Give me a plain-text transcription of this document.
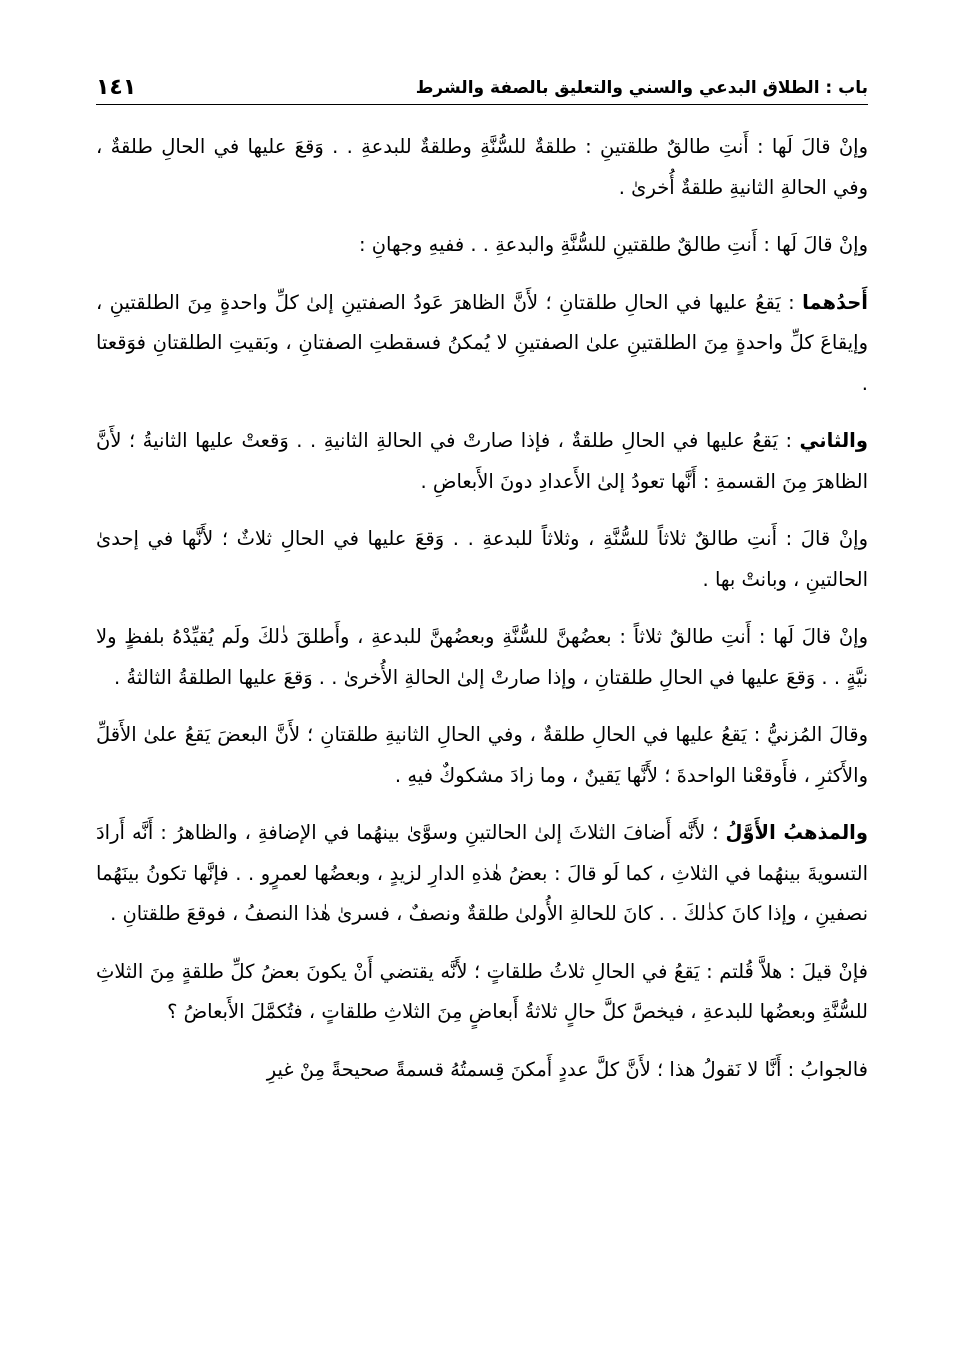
باب : الطلاق البدعي والسني والتعليق بالصفة والشرط
١٤١

وإنْ قالَ لَها : أَنتِ طالقٌ طلقتينِ : طلقةٌ للسُّنَّةِ وطلقةٌ للبدعةِ . . وَقعَ عليها في الحالِ طلقةٌ ، وفي الحالةِ الثانيةِ طلقةٌ أُخرىٰ .

وإنْ قالَ لَها : أَنتِ طالقٌ طلقتينِ للسُّنَّةِ والبدعةِ . . ففيهِ وجهانِ :

أَحدُهما : يَقعُ عليها في الحالِ طلقتانِ ؛ لأَنَّ الظاهرَ عَودُ الصفتينِ إلىٰ كلِّ واحدةٍ مِنَ الطلقتينِ ، وإيقاعَ كلِّ واحدةٍ مِنَ الطلقتينِ علىٰ الصفتينِ لا يُمكنُ فسقطتِ الصفتانِ ، وبَقيتِ الطلقتانِ فوَقعتا .

والثاني : يَقعُ عليها في الحالِ طلقةٌ ، فإذا صارتْ في الحالةِ الثانيةِ . . وَقعتْ عليها الثانيةُ ؛ لأَنَّ الظاهرَ مِنَ القسمةِ : أَنَّها تعودُ إلىٰ الأَعدادِ دونَ الأَبعاضِ .

وإنْ قالَ : أَنتِ طالقٌ ثلاثاً للسُّنَّةِ ، وثلاثاً للبدعةِ . . وَقعَ عليها في الحالِ ثلاثٌ ؛ لأَنَّها في إحدىٰ الحالتينِ ، وبانتْ بها .

وإنْ قالَ لَها : أَنتِ طالقٌ ثلاثاً : بعضُهنَّ للسُّنَّةِ وبعضُهنَّ للبدعةِ ، وأَطلقَ ذٰلكَ ولَم يُقيِّدْهُ بلفظٍ ولا نيَّةٍ . . وَقعَ عليها في الحالِ طلقتانِ ، وإذا صارتْ إلىٰ الحالةِ الأُخرىٰ . . وَقعَ عليها الطلقةُ الثالثةُ .

وقالَ المُزنيُّ : يَقعُ عليها في الحالِ طلقةٌ ، وفي الحالِ الثانيةِ طلقتانِ ؛ لأَنَّ البعضَ يَقعُ علىٰ الأَقلِّ والأَكثرِ ، فأَوقعْنا الواحدةَ ؛ لأَنَّها يَقينٌ ، وما زادَ مشكوكٌ فيهِ .

والمذهبُ الأَوَّلُ ؛ لأَنَّه أَضافَ الثلاثَ إلىٰ الحالتينِ وسوَّىٰ بينهُما في الإضافةِ ، والظاهرُ : أَنَّه أَرادَ التسويةَ بينهُما في الثلاثِ ، كما لَو قالَ : بعضُ هٰذهِ الدارِ لزيدٍ ، وبعضُها لعمرٍو . . فإنَّها تكونُ بينَهُما نصفينِ ، وإذا كانَ كذٰلكَ . . كانَ للحالةِ الأُولىٰ طلقةٌ ونصفٌ ، فسرىٰ هٰذا النصفُ ، فوقعَ طلقتانِ .

فإنْ قيلَ : هلاَّ قُلتم : يَقعُ في الحالِ ثلاثُ طلقاتٍ ؛ لأَنَّه يقتضي أَنْ يكونَ بعضُ كلِّ طلقةٍ مِنَ الثلاثِ للسُّنَّةِ وبعضُها للبدعةِ ، فيخصَّ كلَّ حالٍ ثلاثةُ أَبعاضٍ مِنَ الثلاثِ طلقاتٍ ، فتُكمَّلَ الأَبعاضُ ؟

فالجوابُ : أَنَّا لا نَقولُ هذا ؛ لأَنَّ كلَّ عددٍ أَمكنَ قِسمتُهُ قسمةً صحيحةً مِنْ غيرِ
